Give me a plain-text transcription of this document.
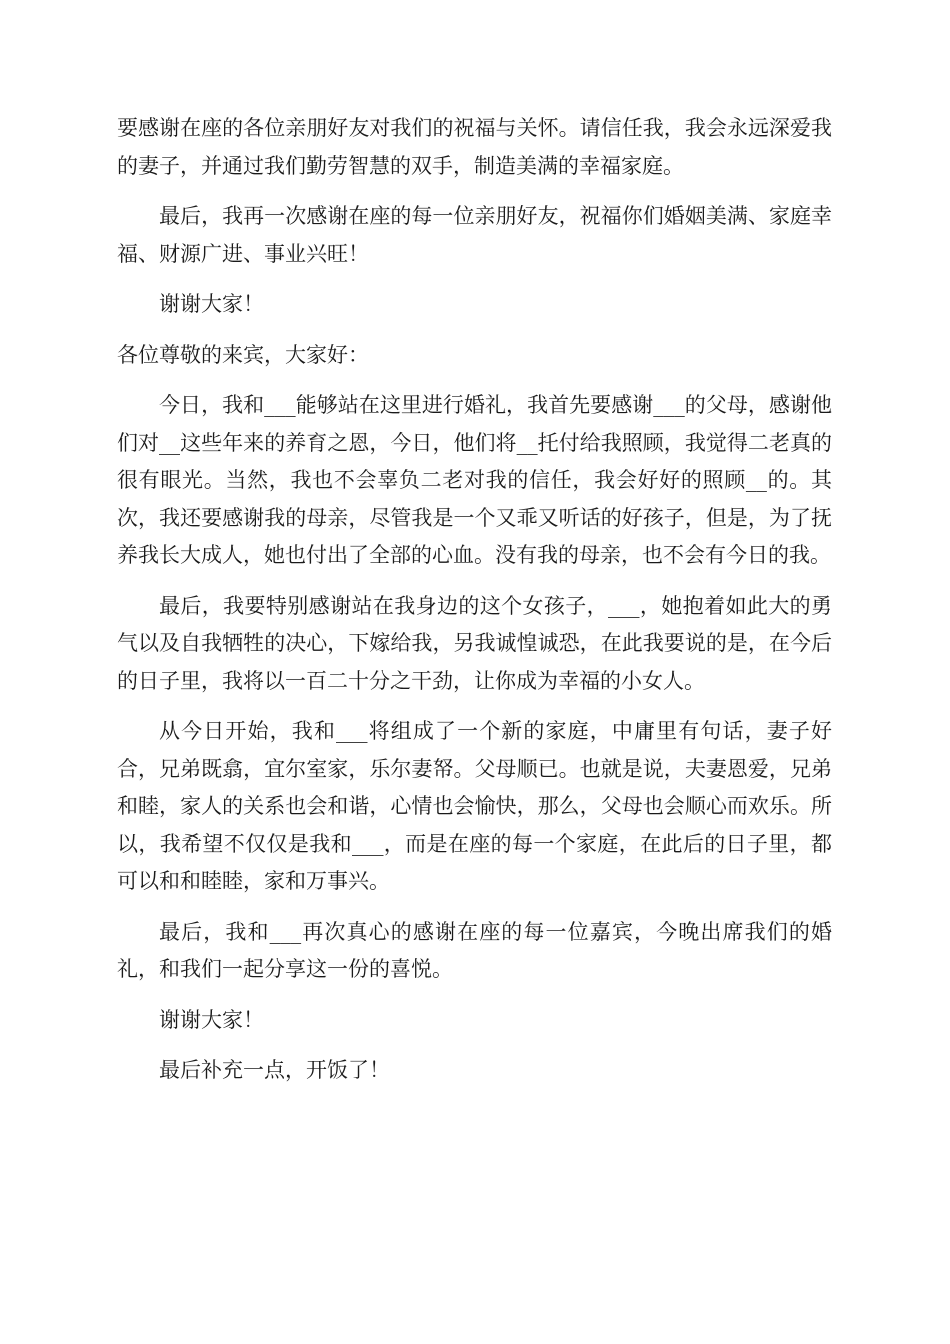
要感谢在座的各位亲朋好友对我们的祝福与关怀。请信任我，我会永远深爱我的妻子，并通过我们勤劳智慧的双手，制造美满的幸福家庭。

最后，我再一次感谢在座的每一位亲朋好友，祝福你们婚姻美满、家庭幸福、财源广进、事业兴旺！

谢谢大家！

各位尊敬的来宾，大家好：

今日，我和___能够站在这里进行婚礼，我首先要感谢___的父母，感谢他们对__这些年来的养育之恩，今日，他们将__托付给我照顾，我觉得二老真的很有眼光。当然，我也不会辜负二老对我的信任，我会好好的照顾__的。其次，我还要感谢我的母亲，尽管我是一个又乖又听话的好孩子，但是，为了抚养我长大成人，她也付出了全部的心血。没有我的母亲，也不会有今日的我。

最后，我要特别感谢站在我身边的这个女孩子，___，她抱着如此大的勇气以及自我牺牲的决心，下嫁给我，另我诚惶诚恐，在此我要说的是，在今后的日子里，我将以一百二十分之干劲，让你成为幸福的小女人。

从今日开始，我和___将组成了一个新的家庭，中庸里有句话，妻子好合，兄弟既翕，宜尔室家，乐尔妻帑。父母顺已。也就是说，夫妻恩爱，兄弟和睦，家人的关系也会和谐，心情也会愉快，那么，父母也会顺心而欢乐。所以，我希望不仅仅是我和___，而是在座的每一个家庭，在此后的日子里，都可以和和睦睦，家和万事兴。

最后，我和___再次真心的感谢在座的每一位嘉宾，今晚出席我们的婚礼，和我们一起分享这一份的喜悦。

谢谢大家！

最后补充一点，开饭了！
